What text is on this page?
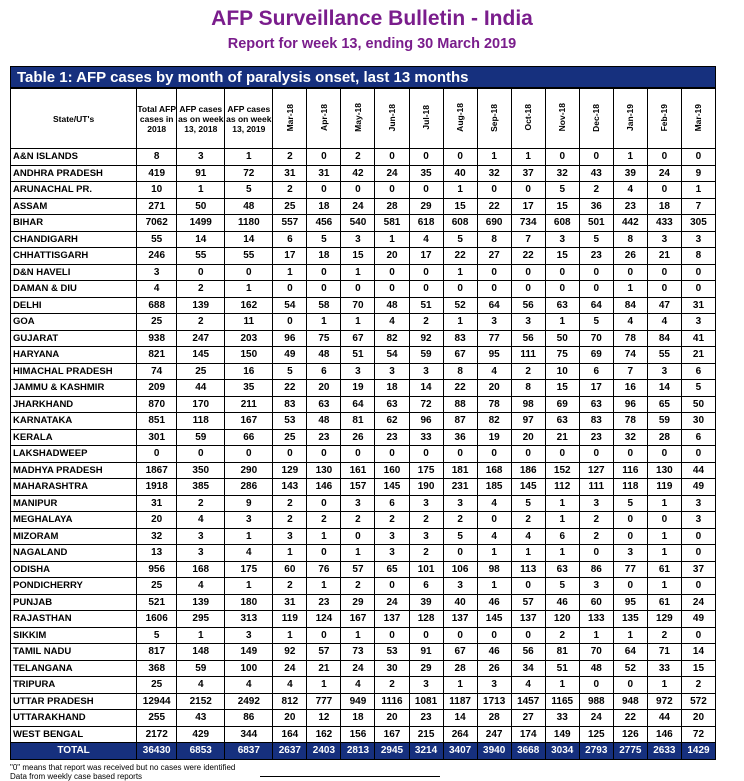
AFP Surveillance Bulletin - India
Report for week 13, ending 30 March 2019
Table 1: AFP cases by month of paralysis onset, last 13 months
State/UT's	Total AFP cases in 2018	AFP cases as on week 13, 2018	AFP cases as on week 13, 2019	Mar-18	Apr-18	May-18	Jun-18	Jul-18	Aug-18	Sep-18	Oct-18	Nov-18	Dec-18	Jan-19	Feb-19	Mar-19
A&N ISLANDS	8	3	1	2	0	2	0	0	0	1	1	0	0	1	0	0
ANDHRA PRADESH	419	91	72	31	31	42	24	35	40	32	37	32	43	39	24	9
ARUNACHAL PR.	10	1	5	2	0	0	0	0	1	0	0	5	2	4	0	1
ASSAM	271	50	48	25	18	24	28	29	15	22	17	15	36	23	18	7
BIHAR	7062	1499	1180	557	456	540	581	618	608	690	734	608	501	442	433	305
CHANDIGARH	55	14	14	6	5	3	1	4	5	8	7	3	5	8	3	3
CHHATTISGARH	246	55	55	17	18	15	20	17	22	27	22	15	23	26	21	8
D&N HAVELI	3	0	0	1	0	1	0	0	1	0	0	0	0	0	0	0
DAMAN & DIU	4	2	1	0	0	0	0	0	0	0	0	0	0	1	0	0
DELHI	688	139	162	54	58	70	48	51	52	64	56	63	64	84	47	31
GOA	25	2	11	0	1	1	4	2	1	3	3	1	5	4	4	3
GUJARAT	938	247	203	96	75	67	82	92	83	77	56	50	70	78	84	41
HARYANA	821	145	150	49	48	51	54	59	67	95	111	75	69	74	55	21
HIMACHAL PRADESH	74	25	16	5	6	3	3	3	8	4	2	10	6	7	3	6
JAMMU & KASHMIR	209	44	35	22	20	19	18	14	22	20	8	15	17	16	14	5
JHARKHAND	870	170	211	83	63	64	63	72	88	78	98	69	63	96	65	50
KARNATAKA	851	118	167	53	48	81	62	96	87	82	97	63	83	78	59	30
KERALA	301	59	66	25	23	26	23	33	36	19	20	21	23	32	28	6
LAKSHADWEEP	0	0	0	0	0	0	0	0	0	0	0	0	0	0	0	0
MADHYA PRADESH	1867	350	290	129	130	161	160	175	181	168	186	152	127	116	130	44
MAHARASHTRA	1918	385	286	143	146	157	145	190	231	185	145	112	111	118	119	49
MANIPUR	31	2	9	2	0	3	6	3	3	4	5	1	3	5	1	3
MEGHALAYA	20	4	3	2	2	2	2	2	2	0	2	1	2	0	0	3
MIZORAM	32	3	1	3	1	0	3	3	5	4	4	6	2	0	1	0
NAGALAND	13	3	4	1	0	1	3	2	0	1	1	1	0	3	1	0
ODISHA	956	168	175	60	76	57	65	101	106	98	113	63	86	77	61	37
PONDICHERRY	25	4	1	2	1	2	0	6	3	1	0	5	3	0	1	0
PUNJAB	521	139	180	31	23	29	24	39	40	46	57	46	60	95	61	24
RAJASTHAN	1606	295	313	119	124	167	137	128	137	145	137	120	133	135	129	49
SIKKIM	5	1	3	1	0	1	0	0	0	0	0	2	1	1	2	0
TAMIL NADU	817	148	149	92	57	73	53	91	67	46	56	81	70	64	71	14
TELANGANA	368	59	100	24	21	24	30	29	28	26	34	51	48	52	33	15
TRIPURA	25	4	4	4	1	4	2	3	1	3	4	1	0	0	1	2
UTTAR PRADESH	12944	2152	2492	812	777	949	1116	1081	1187	1713	1457	1165	988	948	972	572
UTTARAKHAND	255	43	86	20	12	18	20	23	14	28	27	33	24	22	44	20
WEST BENGAL	2172	429	344	164	162	156	167	215	264	247	174	149	125	126	146	72
TOTAL	36430	6853	6837	2637	2403	2813	2945	3214	3407	3940	3668	3034	2793	2775	2633	1429
"0" means that report was received but no cases were identified
Data from weekly case based reports
